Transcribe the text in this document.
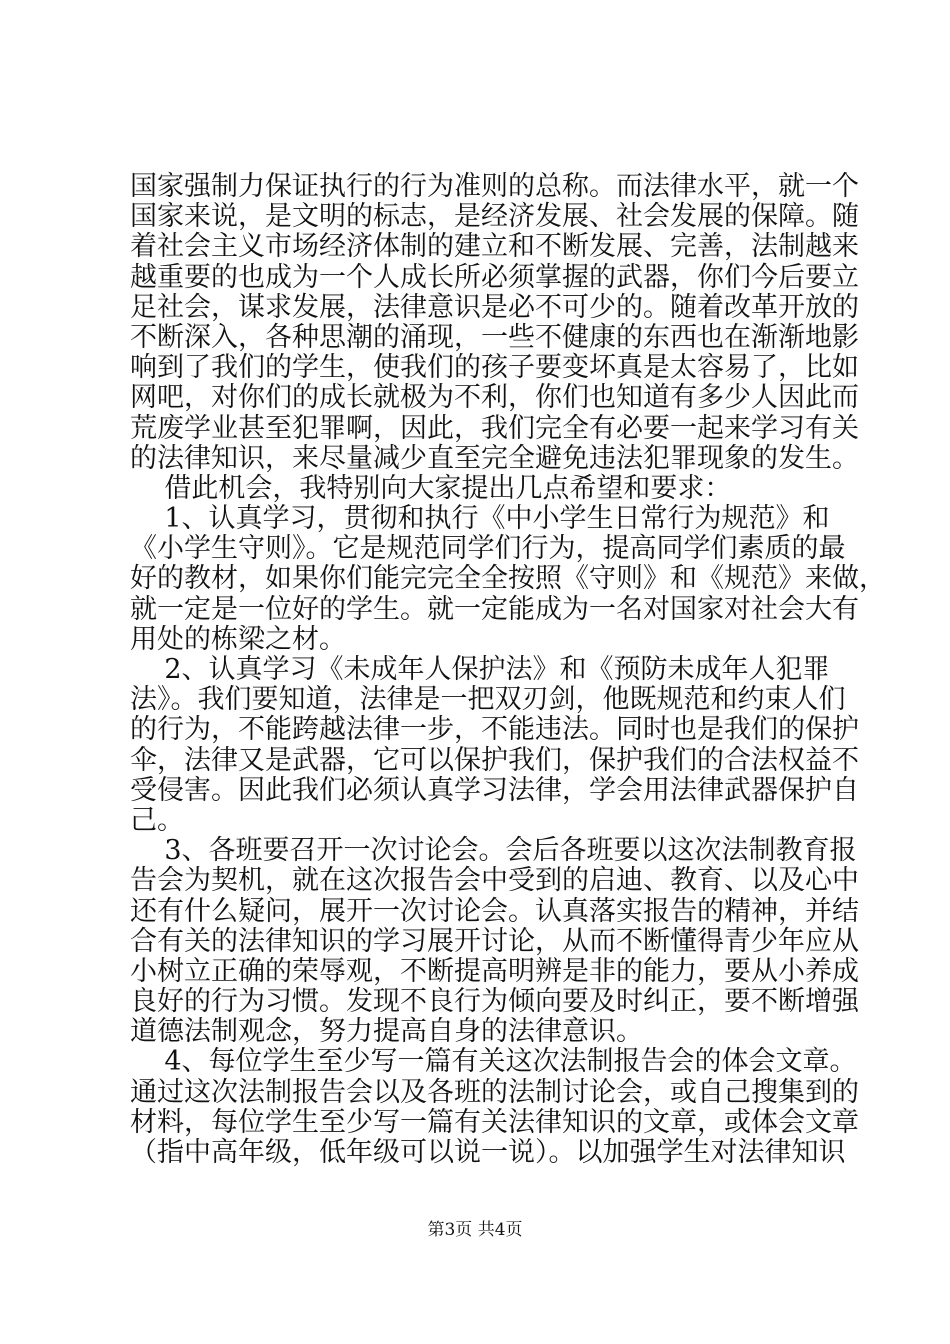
国家强制力保证执行的行为准则的总称。而法律水平，就一个
国家来说，是文明的标志，是经济发展、社会发展的保障。随
着社会主义市场经济体制的建立和不断发展、完善，法制越来
越重要的也成为一个人成长所必须掌握的武器，你们今后要立
足社会，谋求发展，法律意识是必不可少的。随着改革开放的
不断深入，各种思潮的涌现，一些不健康的东西也在渐渐地影
响到了我们的学生，使我们的孩子要变坏真是太容易了，比如
网吧，对你们的成长就极为不利，你们也知道有多少人因此而
荒废学业甚至犯罪啊，因此，我们完全有必要一起来学习有关
的法律知识，来尽量减少直至完全避免违法犯罪现象的发生。
借此机会，我特别向大家提出几点希望和要求：
1、认真学习，贯彻和执行《中小学生日常行为规范》和
《小学生守则》。它是规范同学们行为，提高同学们素质的最
好的教材，如果你们能完完全全按照《守则》和《规范》来做，
就一定是一位好的学生。就一定能成为一名对国家对社会大有
用处的栋梁之材。
2、认真学习《未成年人保护法》和《预防未成年人犯罪
法》。我们要知道，法律是一把双刃剑，他既规范和约束人们
的行为，不能跨越法律一步，不能违法。同时也是我们的保护
伞，法律又是武器，它可以保护我们，保护我们的合法权益不
受侵害。因此我们必须认真学习法律，学会用法律武器保护自
己。
3、各班要召开一次讨论会。会后各班要以这次法制教育报
告会为契机，就在这次报告会中受到的启迪、教育、以及心中
还有什么疑问，展开一次讨论会。认真落实报告的精神，并结
合有关的法律知识的学习展开讨论，从而不断懂得青少年应从
小树立正确的荣辱观，不断提高明辨是非的能力，要从小养成
良好的行为习惯。发现不良行为倾向要及时纠正，要不断增强
道德法制观念，努力提高自身的法律意识。
4、每位学生至少写一篇有关这次法制报告会的体会文章。
通过这次法制报告会以及各班的法制讨论会，或自己搜集到的
材料，每位学生至少写一篇有关法律知识的文章，或体会文章
（指中高年级，低年级可以说一说）。以加强学生对法律知识
第3页 共4页
